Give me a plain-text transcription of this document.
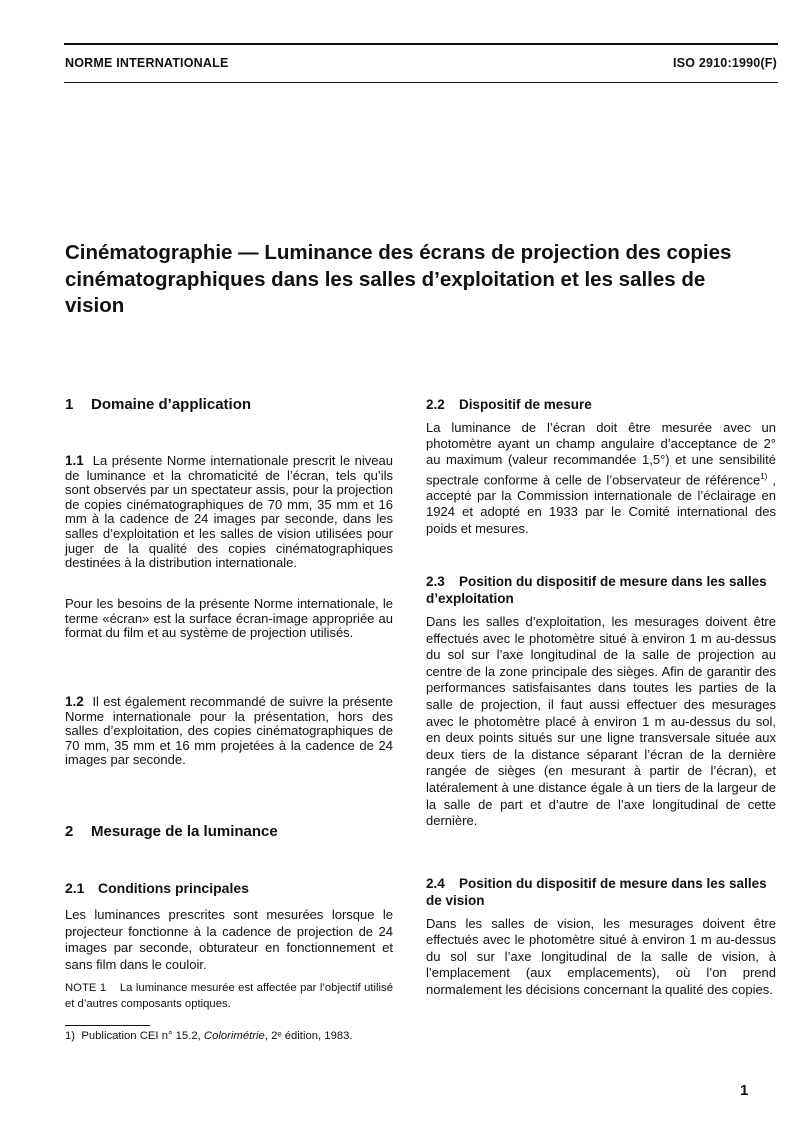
NORME INTERNATIONALE	ISO 2910:1990(F)
Cinématographie — Luminance des écrans de projection des copies cinématographiques dans les salles d’exploitation et les salles de vision
1 Domaine d’application
1.1 La présente Norme internationale prescrit le niveau de luminance et la chromaticité de l’écran, tels qu’ils sont observés par un spectateur assis, pour la projection de copies cinématographiques de 70 mm, 35 mm et 16 mm à la cadence de 24 images par seconde, dans les salles d’exploitation et les salles de vision utilisées pour juger de la qualité des copies cinématographiques destinées à la distribution internationale.
Pour les besoins de la présente Norme internationale, le terme «écran» est la surface écran-image appropriée au format du film et au système de projection utilisés.
1.2 Il est également recommandé de suivre la présente Norme internationale pour la présentation, hors des salles d’exploitation, des copies cinématographiques de 70 mm, 35 mm et 16 mm projetées à la cadence de 24 images par seconde.
2 Mesurage de la luminance
2.1 Conditions principales
Les luminances prescrites sont mesurées lorsque le projecteur fonctionne à la cadence de projection de 24 images par seconde, obturateur en fonctionnement et sans film dans le couloir.
NOTE 1 La luminance mesurée est affectée par l’objectif utilisé et d’autres composants optiques.
1) Publication CEI n° 15.2, Colorimétrie, 2ᵉ édition, 1983.
2.2 Dispositif de mesure
La luminance de l’écran doit être mesurée avec un photomètre ayant un champ angulaire d’acceptance de 2° au maximum (valeur recommandée 1,5°) et une sensibilité spectrale conforme à celle de l’observateur de référence$^{1)}$ , accepté par la Commission internationale de l’éclairage en 1924 et adopté en 1933 par le Comité international des poids et mesures.
2.3 Position du dispositif de mesure dans les salles d’exploitation
Dans les salles d’exploitation, les mesurages doivent être effectués avec le photomètre situé à environ 1 m au-dessus du sol sur l’axe longitudinal de la salle de projection au centre de la zone principale des sièges. Afin de garantir des performances satisfaisantes dans toutes les parties de la salle de projection, il faut aussi effectuer des mesurages avec le photomètre placé à environ 1 m au-dessus du sol, en deux points situés sur une ligne transversale située aux deux tiers de la distance séparant l’écran de la dernière rangée de sièges (en mesurant à partir de l’écran), et latéralement à une distance égale à un tiers de la largeur de la salle de part et d’autre de l’axe longitudinal de cette dernière.
2.4 Position du dispositif de mesure dans les salles de vision
Dans les salles de vision, les mesurages doivent être effectués avec le photomètre situé à environ 1 m au-dessus du sol sur l’axe longitudinal de la salle de vision, à l’emplacement (aux emplacements), où l’on prend normalement les décisions concernant la qualité des copies.
1
